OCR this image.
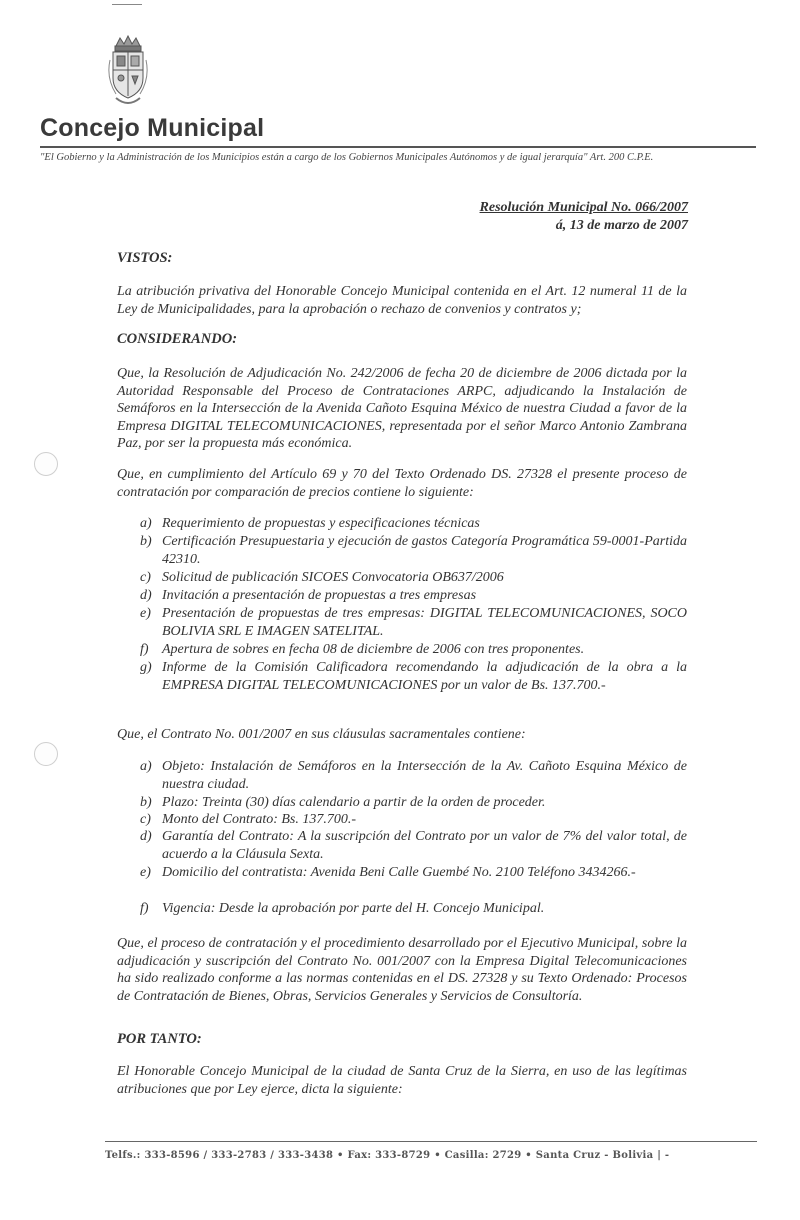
Concejo Municipal
"El Gobierno y la Administración de los Municipios están a cargo de los Gobiernos Municipales Autónomos y de igual jerarquía" Art. 200 C.P.E.
Resolución Municipal No. 066/2007
á, 13 de marzo de 2007
VISTOS:
La atribución privativa del Honorable Concejo Municipal contenida en el Art. 12 numeral 11 de la Ley de Municipalidades, para la aprobación o rechazo de convenios y contratos y;
CONSIDERANDO:
Que, la Resolución de Adjudicación No. 242/2006 de fecha 20 de diciembre de 2006 dictada por la Autoridad Responsable del Proceso de Contrataciones ARPC, adjudicando la Instalación de Semáforos en la Intersección de la Avenida Cañoto Esquina México de nuestra Ciudad a favor de la Empresa DIGITAL TELECOMUNICACIONES, representada por el señor Marco Antonio Zambrana Paz, por ser la propuesta más económica.
Que, en cumplimiento del Artículo 69 y 70 del Texto Ordenado DS. 27328 el presente proceso de contratación por comparación de precios contiene lo siguiente:
a) Requerimiento de propuestas y especificaciones técnicas
b) Certificación Presupuestaria y ejecución de gastos Categoría Programática 59-0001-Partida 42310.
c) Solicitud de publicación SICOES Convocatoria OB637/2006
d) Invitación a presentación de propuestas a tres empresas
e) Presentación de propuestas de tres empresas: DIGITAL TELECOMUNICACIONES, SOCO BOLIVIA SRL E IMAGEN SATELITAL.
f) Apertura de sobres en fecha 08 de diciembre de 2006 con tres proponentes.
g) Informe de la Comisión Calificadora recomendando la adjudicación de la obra a la EMPRESA DIGITAL TELECOMUNICACIONES por un valor de Bs. 137.700.-
Que, el Contrato No. 001/2007 en sus cláusulas sacramentales contiene:
a) Objeto: Instalación de Semáforos en la Intersección de la Av. Cañoto Esquina México de nuestra ciudad.
b) Plazo: Treinta (30) días calendario a partir de la orden de proceder.
c) Monto del Contrato: Bs. 137.700.-
d) Garantía del Contrato: A la suscripción del Contrato por un valor de 7% del valor total, de acuerdo a la Cláusula Sexta.
e) Domicilio del contratista: Avenida Beni Calle Guembé No. 2100 Teléfono 3434266.-
f) Vigencia: Desde la aprobación por parte del H. Concejo Municipal.
Que, el proceso de contratación y el procedimiento desarrollado por el Ejecutivo Municipal, sobre la adjudicación y suscripción del Contrato No. 001/2007 con la Empresa Digital Telecomunicaciones ha sido realizado conforme a las normas contenidas en el DS. 27328 y su Texto Ordenado: Procesos de Contratación de Bienes, Obras, Servicios Generales y Servicios de Consultoría.
POR TANTO:
El Honorable Concejo Municipal de la ciudad de Santa Cruz de la Sierra, en uso de las legítimas atribuciones que por Ley ejerce, dicta la siguiente:
Telfs.: 333-8596 / 333-2783 / 333-3438 • Fax: 333-8729 • Casilla: 2729 • Santa Cruz - Bolivia | -
